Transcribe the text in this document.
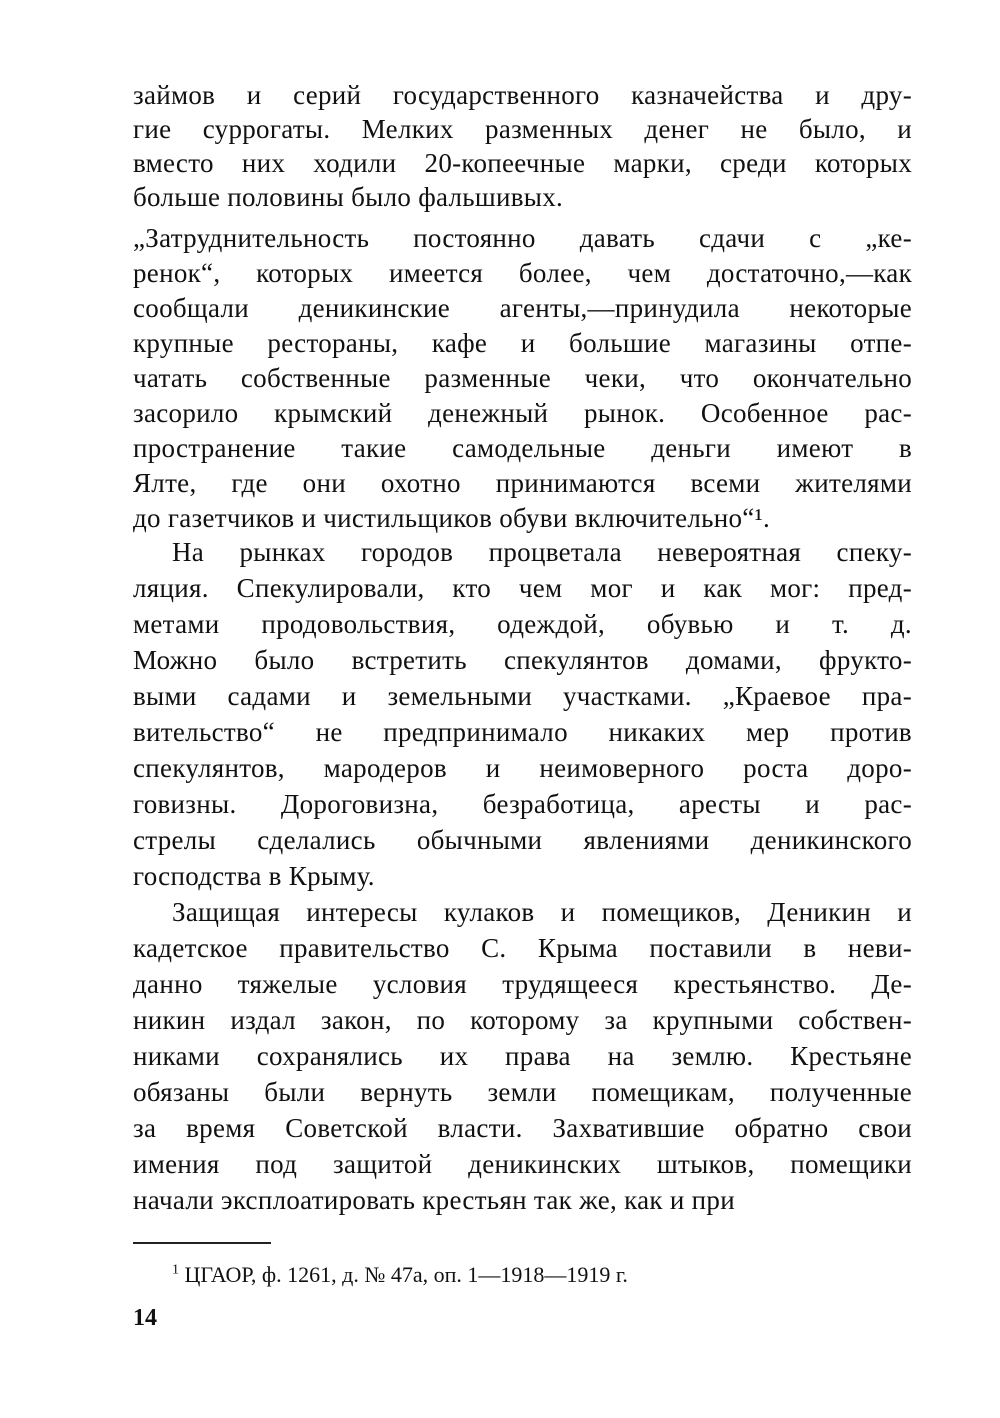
займов и серий государственного казначейства и дру-
гие суррогаты. Мелких разменных денег не было, и
вместо них ходили 20-копеечные марки, среди которых
больше половины было фальшивых.
„Затруднительность постоянно давать сдачи с „ке-
ренок“, которых имеется более, чем достаточно,—как
сообщали деникинские агенты,—принудила некоторые
крупные рестораны, кафе и большие магазины отпе-
чатать собственные разменные чеки, что окончательно
засорило крымский денежный рынок. Особенное рас-
пространение такие самодельные деньги имеют в
Ялте, где они охотно принимаются всеми жителями
до газетчиков и чистильщиков обуви включительно“¹.
На рынках городов процветала невероятная спеку-
ляция. Спекулировали, кто чем мог и как мог: пред-
метами продовольствия, одеждой, обувью и т. д.
Можно было встретить спекулянтов домами, фрукто-
выми садами и земельными участками. „Краевое пра-
вительство“ не предпринимало никаких мер против
спекулянтов, мародеров и неимоверного роста доро-
говизны. Дороговизна, безработица, аресты и рас-
стрелы сделались обычными явлениями деникинского
господства в Крыму.
Защищая интересы кулаков и помещиков, Деникин и
кадетское правительство С. Крыма поставили в неви-
данно тяжелые условия трудящееся крестьянство. Де-
никин издал закон, по которому за крупными собствен-
никами сохранялись их права на землю. Крестьяне
обязаны были вернуть земли помещикам, полученные
за время Советской власти. Захватившие обратно свои
имения под защитой деникинских штыков, помещики
начали эксплоатировать крестьян так же, как и при
$^1$ ЦГАОР, ф. 1261, д. № 47а, оп. 1—1918—1919 г.
14
